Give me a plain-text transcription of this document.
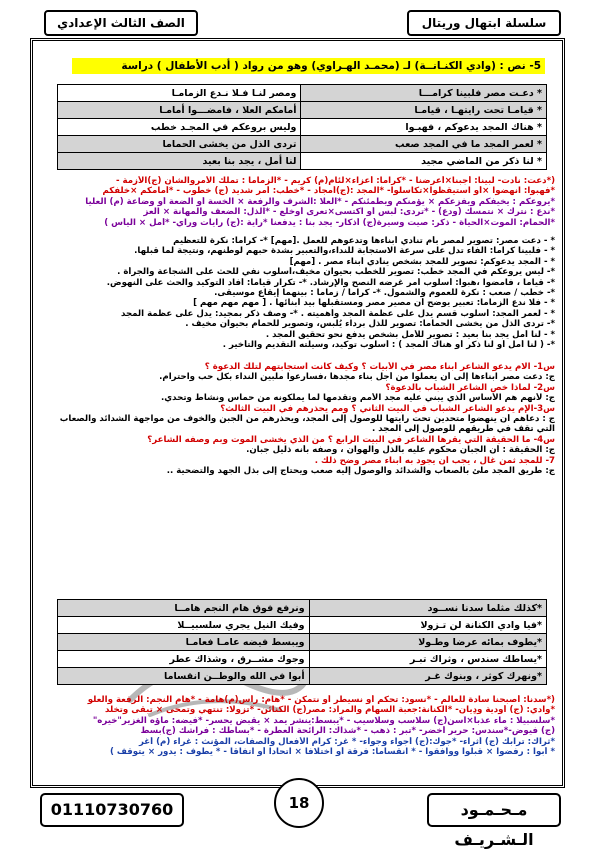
سلسلة ابتهال وريتال
الصف الثالث الإعدادي
5- نص : (وادي الكنـانــة) لـ (محمـد الهـراوي) وهو من رواد ( أدب الأطفال ) دراسة
* دعـت مصر فلبينا كرامـــا	ومصر لنـا فـلا نـدع الزمامـا
* قيامـا تحت رايتهـا ، قيامـا	أمامكم العلا ، فامضـــوا أمامـا
* هناك المجد يدعوكم ، فهبـوا	وليس بروعكم في المجـد خطب
* لعمر المجد ما في المجد صعب	تردى الذل من يخشى الحماما
* لنا ذكر من الماضي مجيد	لنا أمل ، يجد بنا بعيد

(*دعت: نادت- لبينا: أجبنا×أعرضنا - *كراما: أعزاء×لئام(م) كريم - *الزماما : تملك الأمروالشأن (ج)الأزمة -

*فهبوا: انهضوا ×أو استيقظوا×تكاسلوا- *المجد :(ج)أمجاد - *خطب: أمر شديد (ج) خطوب - *أمامكم ×خلفكم

*يروعكم : يخيفكم ويفزعكم × يؤمنكم ويطمئنكم - *العلا :الشرف والرفعة × الخسة أو الضعة أو وضاعة (م) العليا

*ندع : نترك × نتمسك (ودع) - *تردى: لبس أو اكتسى×تعرى أوخلع - *الذل: الضعف والمهانة × العز

*الحمام: الموت×الحياة - ذكر: صيت وسيرة(ج) أذكار- يجد بنا : يدفعنا *راية :(ج) رايات وراي- *أمل × اليأس )

* - دعت مصر: تصوير لمصر بأم تنادي أبناءها وتدعوهم للعمل .[مهم] *- كراما: نكرة للتعظيم

* - فلبينا كراما: الفاء تدل على سرعة الاستجابة للنداء،والتعبير بشدة حبهم لوطنهم، ونتيجة لما قبلها.

* - المجد يدعوكم: تصوير للمجد بشخص ينادي أبناء مصر . [مهم]

*- ليس يروعكم في المجد خطب: تصوير للخطب بحيوان مخيف،أسلوب نفي للحث على الشجاعة والجرأة .

*- قياما ، فامضوا ،هبوا: أسلوب أمر غرضه النصح والإرشاد. *- تكرار قياما: أفاد التوكيد والحث على النهوض.

*- خطب / صعب : نكرة للعموم والشمول. *- كراما / زماما : بينهما إيقاع موسيقى.

* - فلا ندع الزماما: تعبير يوضح أن مصير مصر ومستقبلها بيد أبنائها . [ مهم مهم مهم ]

* - لعمر المجد: أسلوب قسم يدل على عظمة المجد وأهميته . *- وصف ذكر بمجيد: يدل على عظمة المجد

*- تردى الذل من يخشى الحماما: تصوير للذل برداء يُلبس، وتصوير للحمام بحيوان مخيف .

* - لنا أمل يجد بنا بعيد : تصوير للأمل بشخص يدفع نحو تحقيق المجد .

*- ( لنا أمل أو لنا ذكر أو هناك المجد ) : أسلوب توكيد، وسيلته التقديم والتأخير .

س1- الام يدعو الشاعر أبناء مصر في الأبيات ؟ وكيف كانت استجابتهم لتلك الدعوة ؟

ج: دعت مصر ابناءها إلى أن يعملوا من أجل بناء مجدها ،فسارعوا ملبين النداء بكل حب واحترام.

س2- لماذا خص الشاعر الشباب بالدعوة؟

ج: لأنهم هم الأساس الذي يبني عليه مجد الأمم وتقدمها لما يملكونه من حماس ونشاط وتحدي.

س3-الإم يدعو الشاعر الشباب في البيت الثاني ؟ ومم يحذرهم في البيت الثالث؟

ج : دعاهم أن ينهضوا متحدين تحت رايتها للوصول إلى المجد، ويحذرهم من الجبن والخوف من مواجهة الشدائد والصعاب التي تقف في طريقهم للوصول إلى المجد .

س4- ما الحقيقة التي يقرها الشاعر في البيت الرابع ؟ من الذي يخشى الموت وبم وصفه الشاعر؟

ج: الحقيقة : أن الجبان محكوم عليه بالذل والهوان ، وصفه بأنه ذليل جبان.

7- للمجد ثمن غال ، يجب أن يجود به أبناء مصر وضح ذلك .

ج: طريق المجد ملئ بالصعاب والشدائد والوصول إليه صعب ويحتاج إلى بذل الجهد والتضحية ..

*كذلك مثلما سدنا نســود	ونرفع فوق هام النجم هامــا
*فيا وادي الكنانة لن تـزولا	وفيك النيل يجري سلسبيــلا
*يطوف بمائه عرضا وطـولا	ويبسط فيضه عامـا فعامـا
*يساطك سندس ، وثراك تبـر	وجوك مشــرق ، وشذاك عطر
*ونهرك كوثر ، وبنوك غـر	أبوا في الله والوطــن انقساما

(*سدنا: أصبحنا سادة للعالم - *نسود: تحكم أو نسيطر أو نتمكن - *هام: رأس(م)هامة - *هام النجم: الرفعة والعلو

*وادي: (ج) أودية ودِيان- *الكنانة:جعبة السهام والمراد: مصر(ج) الكنائن- *تزولا: تنتهي وتمحى × تبقى وتخلد

*سلسبيلا : ماء عذبا×آسن(ج) سلاسب وسلاسيب - *يبسط:ينشر يمد × يقبض يحسر- *فيضه: ماؤه الغزير"خيره"

(ج) فيوض-*سندس: حرير أخضر- *تبر : ذهب - *شذاك: الرائحة العطرة - *بساطك : فراشك (ج)بسط

*ثراك: ترابك (ج) أثراء- *جوك:(ج) أجواء وجواء- * غر: كرام الأفعال والصفات، المؤنث : غراء (م) أغر

* أبوا : رفضوا × قبلوا ووافقوا - * انقساما: فرقة أو اختلافا × اتحادا أو اتفاقا - * يطوف : يدور × يتوقف )

مـحـمـود الـشـريـف
01110730760	18
